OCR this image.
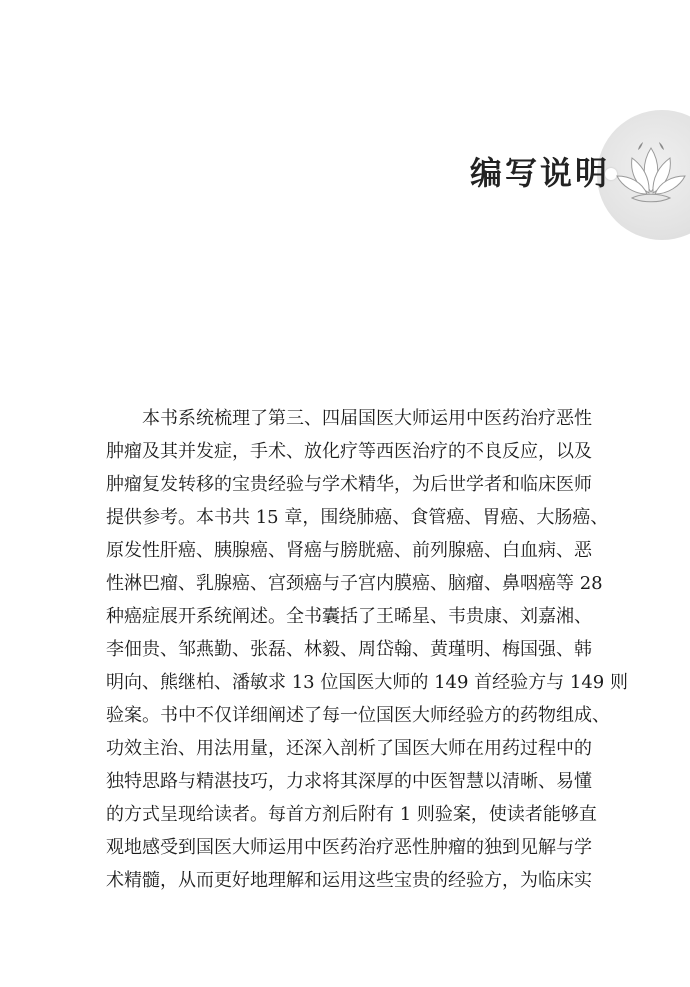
编写说明
本书系统梳理了第三、四届国医大师运用中医药治疗恶性
肿瘤及其并发症，手术、放化疗等西医治疗的不良反应，以及
肿瘤复发转移的宝贵经验与学术精华，为后世学者和临床医师
提供参考。本书共 15 章，围绕肺癌、食管癌、胃癌、大肠癌、
原发性肝癌、胰腺癌、肾癌与膀胱癌、前列腺癌、白血病、恶
性淋巴瘤、乳腺癌、宫颈癌与子宫内膜癌、脑瘤、鼻咽癌等 28
种癌症展开系统阐述。全书囊括了王晞星、韦贵康、刘嘉湘、
李佃贵、邹燕勤、张磊、林毅、周岱翰、黄瑾明、梅国强、韩
明向、熊继柏、潘敏求 13 位国医大师的 149 首经验方与 149 则
验案。书中不仅详细阐述了每一位国医大师经验方的药物组成、
功效主治、用法用量，还深入剖析了国医大师在用药过程中的
独特思路与精湛技巧，力求将其深厚的中医智慧以清晰、易懂
的方式呈现给读者。每首方剂后附有 1 则验案，使读者能够直
观地感受到国医大师运用中医药治疗恶性肿瘤的独到见解与学
术精髓，从而更好地理解和运用这些宝贵的经验方，为临床实
